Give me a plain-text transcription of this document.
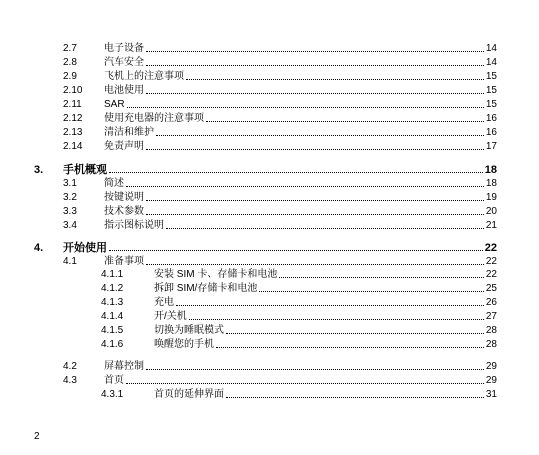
2.7	电子设备	14
2.8	汽车安全	14
2.9	飞机上的注意事项	15
2.10 电池使用	15
2.11 SAR	15
2.12 使用充电器的注意事项	16
2.13 清洁和维护	16
2.14 免责声明	17
3. 手机概观	18
3.1	简述	18
3.2	按键说明	19
3.3	技术参数	20
3.4	指示图标说明	21
4. 开始使用	22
4.1	准备事项	22
4.1.1	安装 SIM 卡、存储卡和电池	22
4.1.2	拆卸 SIM/存储卡和电池	25
4.1.3	充电	26
4.1.4	开/关机	27
4.1.5	切换为睡眠模式	28
4.1.6	唤醒您的手机	28
4.2	屏幕控制	29
4.3	首页	29
4.3.1	首页的延伸界面	31
2
